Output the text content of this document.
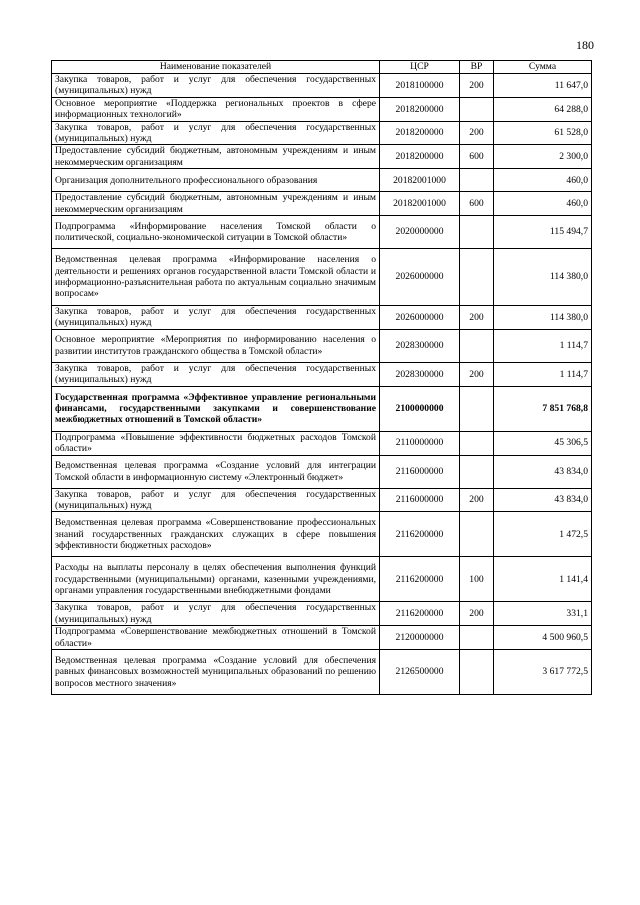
180
Наименование показателей	ЦСР	ВР	Сумма
Закупка товаров, работ и услуг для обеспечения государственных (муниципальных) нужд	2018100000	200	11 647,0
Основное мероприятие «Поддержка региональных проектов в сфере информационных технологий»	2018200000		64 288,0
Закупка товаров, работ и услуг для обеспечения государственных (муниципальных) нужд	2018200000	200	61 528,0
Предоставление субсидий бюджетным, автономным учреждениям и иным некоммерческим организациям	2018200000	600	2 300,0
Организация дополнительного профессионального образования	20182001000		460,0
Предоставление субсидий бюджетным, автономным учреждениям и иным некоммерческим организациям	20182001000	600	460,0
Подпрограмма «Информирование населения Томской области о политической, социально-экономической ситуации в Томской области»	2020000000		115 494,7
Ведомственная целевая программа «Информирование населения о деятельности и решениях органов государственной власти Томской области и информационно-разъяснительная работа по актуальным социально значимым вопросам»	2026000000		114 380,0
Закупка товаров, работ и услуг для обеспечения государственных (муниципальных) нужд	2026000000	200	114 380,0
Основное мероприятие «Мероприятия по информированию населения о развитии институтов гражданского общества в Томской области»	2028300000		1 114,7
Закупка товаров, работ и услуг для обеспечения государственных (муниципальных) нужд	2028300000	200	1 114,7
Государственная программа «Эффективное управление региональными финансами, государственными закупками и совершенствование межбюджетных отношений в Томской области»	2100000000		7 851 768,8
Подпрограмма «Повышение эффективности бюджетных расходов Томской области»	2110000000		45 306,5
Ведомственная целевая программа «Создание условий для интеграции Томской области в информационную систему «Электронный бюджет»	2116000000		43 834,0
Закупка товаров, работ и услуг для обеспечения государственных (муниципальных) нужд	2116000000	200	43 834,0
Ведомственная целевая программа «Совершенствование профессиональных знаний государственных гражданских служащих в сфере повышения эффективности бюджетных расходов»	2116200000		1 472,5
Расходы на выплаты персоналу в целях обеспечения выполнения функций государственными (муниципальными) органами, казенными учреждениями, органами управления государственными внебюджетными фондами	2116200000	100	1 141,4
Закупка товаров, работ и услуг для обеспечения государственных (муниципальных) нужд	2116200000	200	331,1
Подпрограмма «Совершенствование межбюджетных отношений в Томской области»	2120000000		4 500 960,5
Ведомственная целевая программа «Создание условий для обеспечения равных финансовых возможностей муниципальных образований по решению вопросов местного значения»	2126500000		3 617 772,5
